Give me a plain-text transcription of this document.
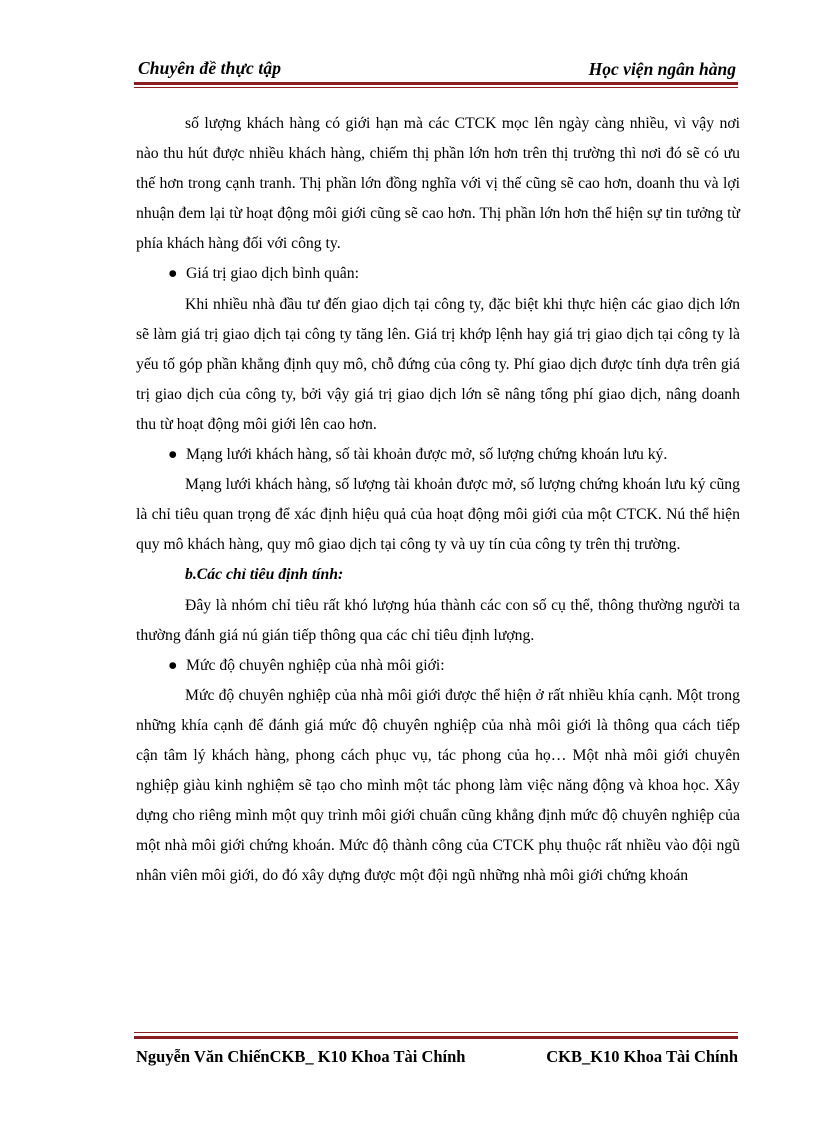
Chuyên đề thực tập	Học viện ngân hàng

số lượng khách hàng có giới hạn mà các CTCK mọc lên ngày càng nhiều, vì vậy nơi nào thu hút được nhiều khách hàng, chiếm thị phần lớn hơn trên thị trường thì nơi đó sẽ có ưu thế hơn trong cạnh tranh. Thị phần lớn đồng nghĩa với vị thế cũng sẽ cao hơn, doanh thu và lợi nhuận đem lại từ hoạt động môi giới cũng sẽ cao hơn. Thị phần lớn hơn thể hiện sự tin tưởng từ phía khách hàng đối với công ty.

● Giá trị giao dịch bình quân:

Khi nhiều nhà đầu tư đến giao dịch tại công ty, đặc biệt khi thực hiện các giao dịch lớn sẽ làm giá trị giao dịch tại công ty tăng lên. Giá trị khớp lệnh hay giá trị giao dịch tại công ty là yếu tố góp phần khẳng định quy mô, chỗ đứng của công ty. Phí giao dịch được tính dựa trên giá trị giao dịch của công ty, bởi vậy giá trị giao dịch lớn sẽ nâng tổng phí giao dịch, nâng doanh thu từ hoạt động môi giới lên cao hơn.

● Mạng lưới khách hàng, số tài khoản được mở, số lượng chứng khoán lưu ký.

Mạng lưới khách hàng, số lượng tài khoản được mở, số lượng chứng khoán lưu ký cũng là chỉ tiêu quan trọng để xác định hiệu quả của hoạt động môi giới của một CTCK. Nú thể hiện quy mô khách hàng, quy mô giao dịch tại công ty và uy tín của công ty trên thị trường.

b.Các chỉ tiêu định tính:

Đây là nhóm chỉ tiêu rất khó lượng húa thành các con số cụ thể, thông thường người ta thường đánh giá nú gián tiếp thông qua các chỉ tiêu định lượng.

● Mức độ chuyên nghiệp của nhà môi giới:

Mức độ chuyên nghiệp của nhà môi giới được thể hiện ở rất nhiều khía cạnh. Một trong những khía cạnh để đánh giá mức độ chuyên nghiệp của nhà môi giới là thông qua cách tiếp cận tâm lý khách hàng, phong cách phục vụ, tác phong của họ… Một nhà môi giới chuyên nghiệp giàu kinh nghiệm sẽ tạo cho mình một tác phong làm việc năng động và khoa học. Xây dựng cho riêng mình một quy trình môi giới chuẩn cũng khẳng định mức độ chuyên nghiệp của một nhà môi giới chứng khoán. Mức độ thành công của CTCK phụ thuộc rất nhiều vào đội ngũ nhân viên môi giới, do đó xây dựng được một đội ngũ những nhà môi giới chứng khoán

Nguyễn Văn ChiếnCKB_ K10 Khoa Tài Chính	CKB_K10 Khoa Tài Chính
